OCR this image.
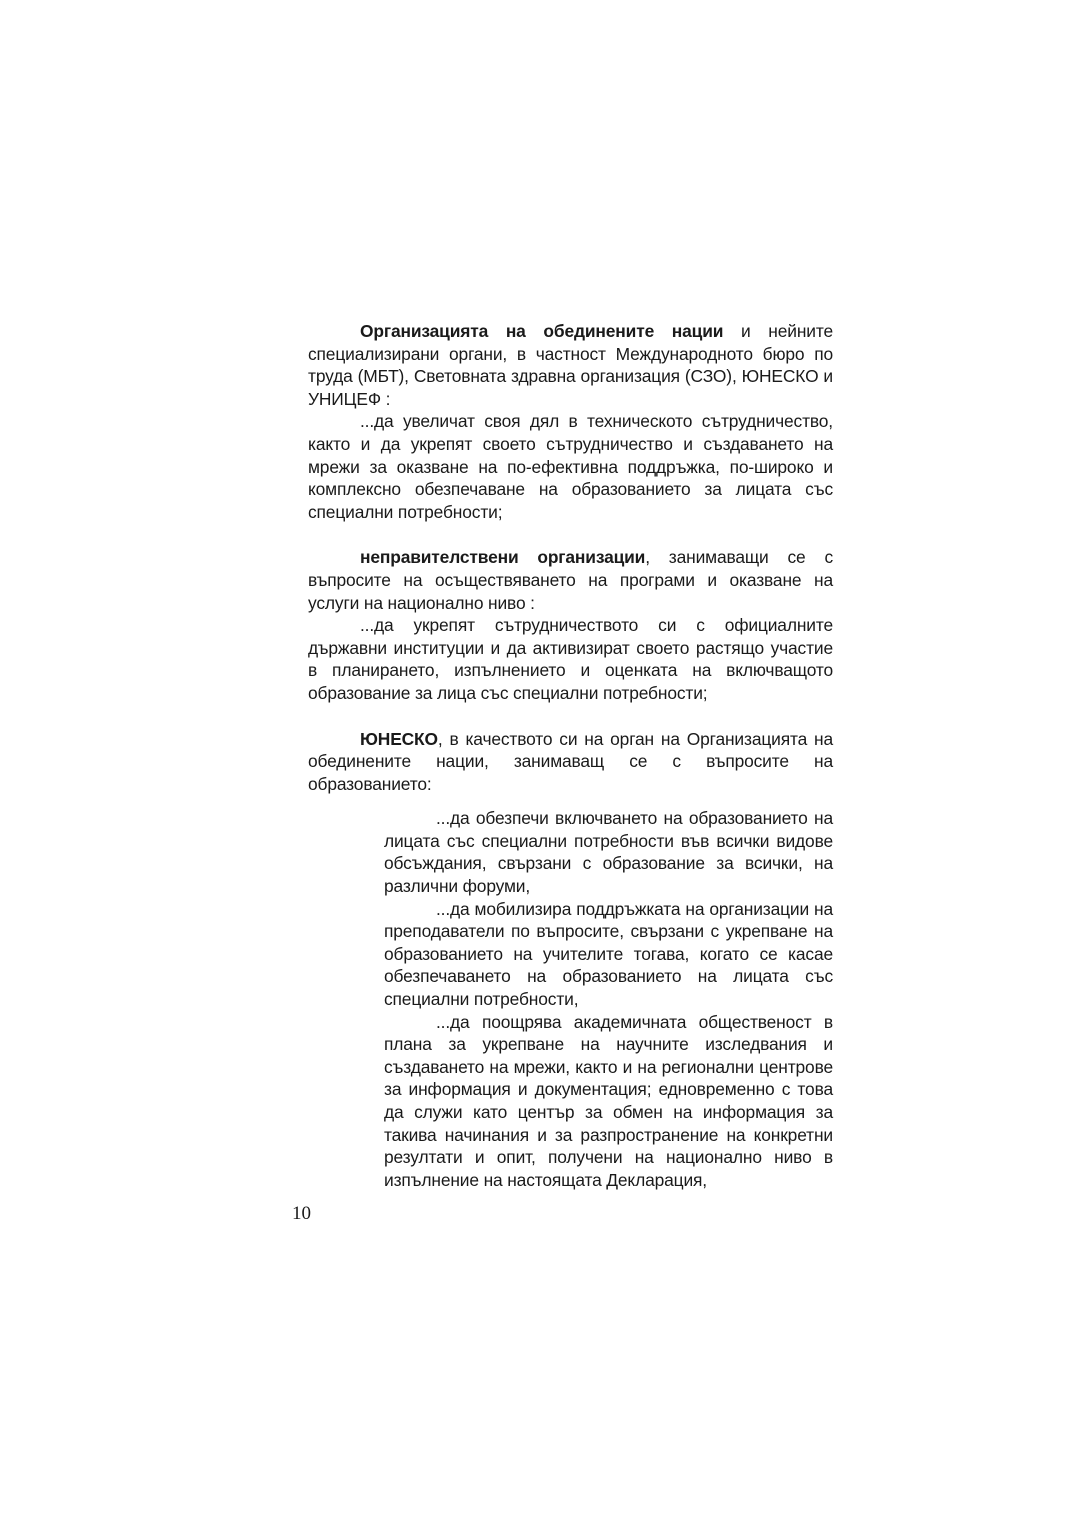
Организацията на обединените нации и нейните специализирани органи, в частност Международното бюро по труда (МБТ), Световната здравна организация (СЗО), ЮНЕСКО и УНИЦЕФ :

...да увеличат своя дял в техническото сътрудничество, както и да укрепят своето сътрудничество и създаването на мрежи за оказване на по-ефективна поддръжка, по-широко и комплексно обезпечаване на образованието за лицата със специални потребности;

неправителствени организации, занимаващи се с въпросите на осъществяването на програми и оказване на услуги на национално ниво :

...да укрепят сътрудничеството си с официалните държавни институции и да активизират своето растящо участие в планирането, изпълнението и оценката на включващото образование за лица със специални потребности;

ЮНЕСКО, в качеството си на орган на Организацията на обединените нации, занимаващ се с въпросите на образованието:

...да обезпечи включването на образованието на лицата със специални потребности във всички видове обсъждания, свързани с образование за всички, на различни форуми,

...да мобилизира поддръжката на организации на преподаватели по въпросите, свързани с укрепване на образованието на учителите тогава, когато се касае обезпечаването на образованието на лицата със специални потребности,

...да поощрява академичната общественост в плана за укрепване на научните изследвания и създаването на мрежи, както и на регионални центрове за информация и документация; едновременно с това да служи като център за обмен на информация за такива начинания и за разпространение на конкретни резултати и опит, получени на национално ниво в изпълнение на настоящата Декларация,

10
